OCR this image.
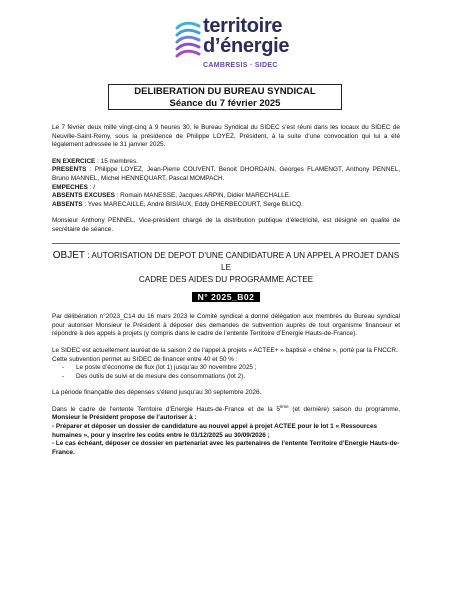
territoire
d’énergie
CAMBRESIS · SIDEC
DELIBERATION DU BUREAU SYNDICAL
Séance du 7 février 2025

Le 7 février deux mille vingt-cinq à 9 heures 30, le Bureau Syndical du SIDEC s’est réuni dans les locaux du SIDEC de Neuville-Saint-Remy, sous la présidence de Philippe LOYEZ, Président, à la suite d’une convocation qui lui a été légalement adressée le 31 janvier 2025.

EN EXERCICE : 15 membres.

PRESENTS : Philippe LOYEZ, Jean-Pierre COUVENT, Benoit DHORDAIN, Georges FLAMENGT, Anthony PENNEL, Bruno MANNEL, Michel HENNEQUART, Pascal MOMPACH.

EMPECHES : /

ABSENTS EXCUSES : Romain MANESSE, Jacques ARPIN, Didier MARECHALLE.

ABSENTS : Yves MARECAILLE, André BISIAUX, Eddy DHERBECOURT, Serge BLICQ.

Monsieur Anthony PENNEL, Vice-président chargé de la distribution publique d’électricité, est désigné en qualité de secrétaire de séance.

OBJET : AUTORISATION DE DEPOT D’UNE CANDIDATURE A UN APPEL A PROJET DANS LE
CADRE DES AIDES DU PROGRAMME ACTEE
N° 2025_B02

Par délibération n°2023_C14 du 16 mars 2023 le Comité syndical a donné délégation aux membres du Bureau syndical pour autoriser Monsieur le Président à déposer des demandes de subvention auprès de tout organisme financeur et répondre à des appels à projets (y compris dans le cadre de l’entente Territoire d’Energie Hauts-de-France).

Le SIDEC est actuellement lauréat de la saison 2 de l’appel à projets « ACTEE+ » baptisé « chêne », porté par la FNCCR.

Cette subvention permet au SIDEC de financer entre 40 et 50 % :

- Le poste d’économe de flux (lot 1) jusqu’au 30 novembre 2025 ;
- Des outils de suivi et de mesure des consommations (lot 2).

La période finançable des dépenses s’étend jusqu’au 30 septembre 2026.

Dans le cadre de l’entente Territoire d’Energie Hauts-de-France et de la 5ème (et dernière) saison du programme, Monsieur le Président propose de l’autoriser à :

- Préparer et déposer un dossier de candidature au nouvel appel à projet ACTEE pour le lot 1 « Ressources humaines », pour y inscrire les coûts entre le 01/12/2025 au 30/09/2026 ;

- Le cas échéant, déposer ce dossier en partenariat avec les partenaires de l’entente Territoire d’Energie Hauts-de-France.
